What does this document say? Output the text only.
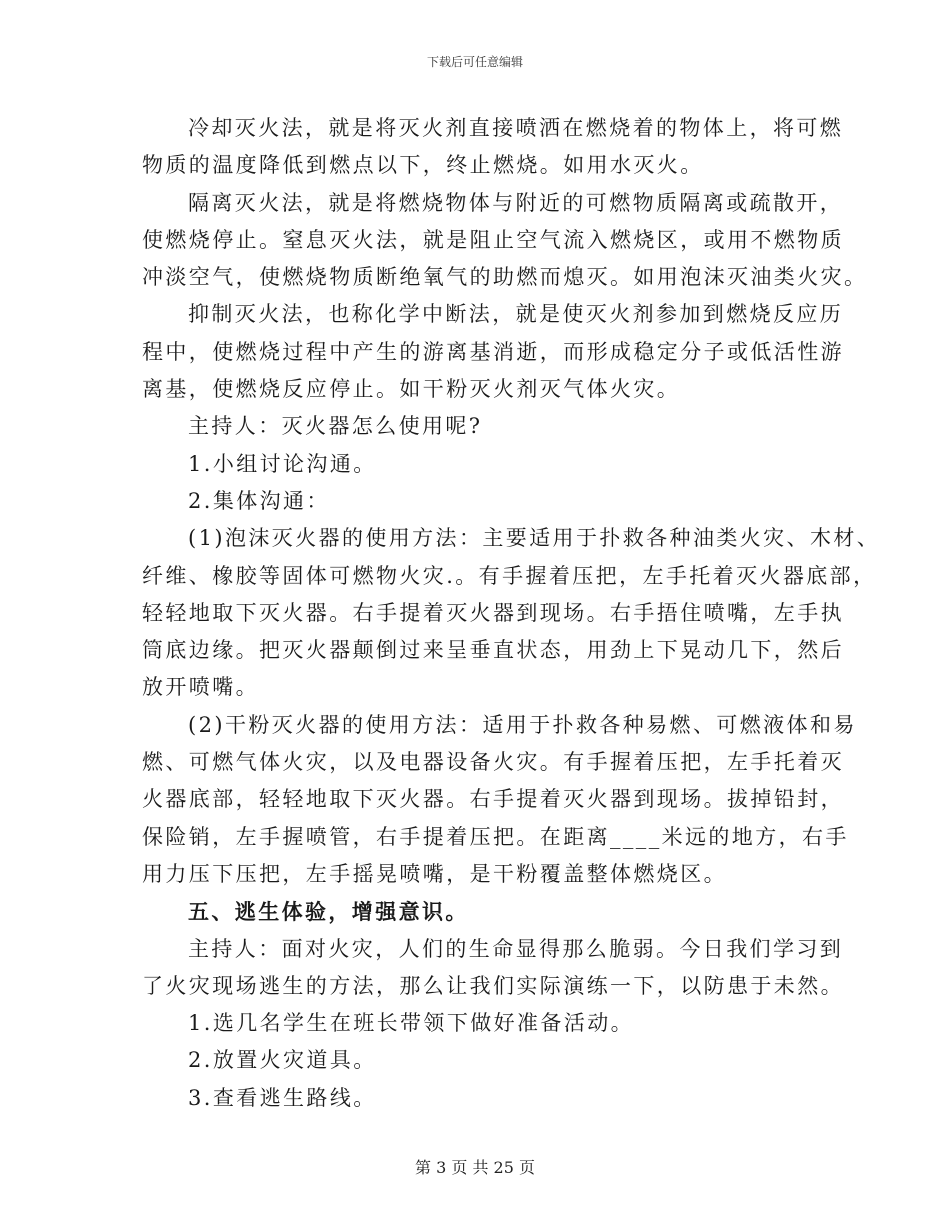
下载后可任意编辑
冷却灭火法，就是将灭火剂直接喷洒在燃烧着的物体上，将可燃
物质的温度降低到燃点以下，终止燃烧。如用水灭火。
隔离灭火法，就是将燃烧物体与附近的可燃物质隔离或疏散开，
使燃烧停止。窒息灭火法，就是阻止空气流入燃烧区，或用不燃物质
冲淡空气，使燃烧物质断绝氧气的助燃而熄灭。如用泡沫灭油类火灾。
抑制灭火法，也称化学中断法，就是使灭火剂参加到燃烧反应历
程中，使燃烧过程中产生的游离基消逝，而形成稳定分子或低活性游
离基，使燃烧反应停止。如干粉灭火剂灭气体火灾。
主持人：灭火器怎么使用呢?
1.小组讨论沟通。
2.集体沟通：
(1)泡沫灭火器的使用方法：主要适用于扑救各种油类火灾、木材、
纤维、橡胶等固体可燃物火灾.。有手握着压把，左手托着灭火器底部，
轻轻地取下灭火器。右手提着灭火器到现场。右手捂住喷嘴，左手执
筒底边缘。把灭火器颠倒过来呈垂直状态，用劲上下晃动几下，然后
放开喷嘴。
(2)干粉灭火器的使用方法：适用于扑救各种易燃、可燃液体和易
燃、可燃气体火灾，以及电器设备火灾。有手握着压把，左手托着灭
火器底部，轻轻地取下灭火器。右手提着灭火器到现场。拔掉铅封，
保险销，左手握喷管，右手提着压把。在距离____米远的地方，右手
用力压下压把，左手摇晃喷嘴，是干粉覆盖整体燃烧区。
五、逃生体验，增强意识。
主持人：面对火灾，人们的生命显得那么脆弱。今日我们学习到
了火灾现场逃生的方法，那么让我们实际演练一下，以防患于未然。
1.选几名学生在班长带领下做好准备活动。
2.放置火灾道具。
3.查看逃生路线。
第 3 页 共 25 页
